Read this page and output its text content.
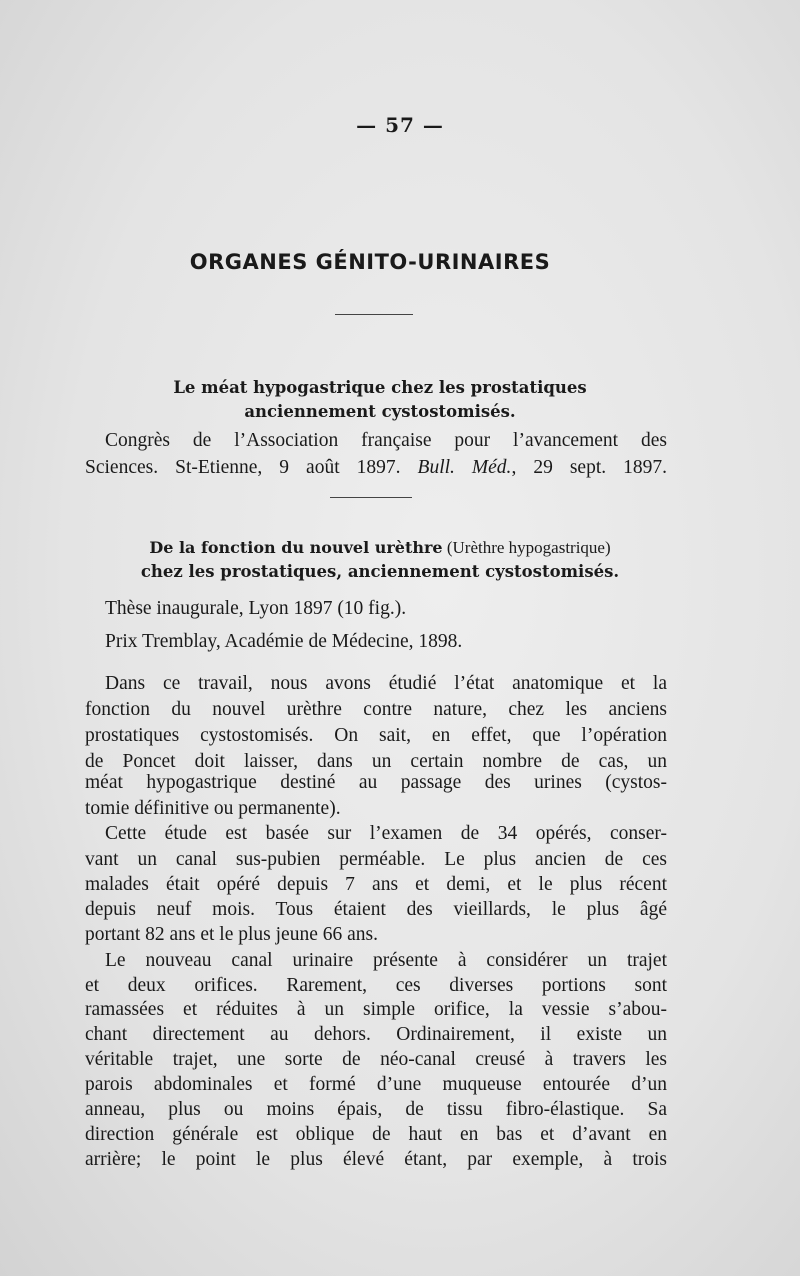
— 57 —
ORGANES GÉNITO-URINAIRES
Le méat hypogastrique chez les prostatiques
anciennement cystostomisés.
Congrès de l’Association française pour l’avancement des
Sciences. St-Etienne, 9 août 1897. Bull. Méd., 29 sept. 1897.
De la fonction du nouvel urèthre (Urèthre hypogastrique)
chez les prostatiques, anciennement cystostomisés.
Thèse inaugurale, Lyon 1897 (10 fig.).
Prix Tremblay, Académie de Médecine, 1898.
Dans ce travail, nous avons étudié l’état anatomique et la
fonction du nouvel urèthre contre nature, chez les anciens
prostatiques cystostomisés. On sait, en effet, que l’opération
de Poncet doit laisser, dans un certain nombre de cas, un
méat hypogastrique destiné au passage des urines (cystos-
tomie définitive ou permanente).
Cette étude est basée sur l’examen de 34 opérés, conser-
vant un canal sus-pubien perméable. Le plus ancien de ces
malades était opéré depuis 7 ans et demi, et le plus récent
depuis neuf mois. Tous étaient des vieillards, le plus âgé
portant 82 ans et le plus jeune 66 ans.
Le nouveau canal urinaire présente à considérer un trajet
et deux orifices. Rarement, ces diverses portions sont
ramassées et réduites à un simple orifice, la vessie s’abou-
chant directement au dehors. Ordinairement, il existe un
véritable trajet, une sorte de néo-canal creusé à travers les
parois abdominales et formé d’une muqueuse entourée d’un
anneau, plus ou moins épais, de tissu fibro-élastique. Sa
direction générale est oblique de haut en bas et d’avant en
arrière; le point le plus élevé étant, par exemple, à trois
